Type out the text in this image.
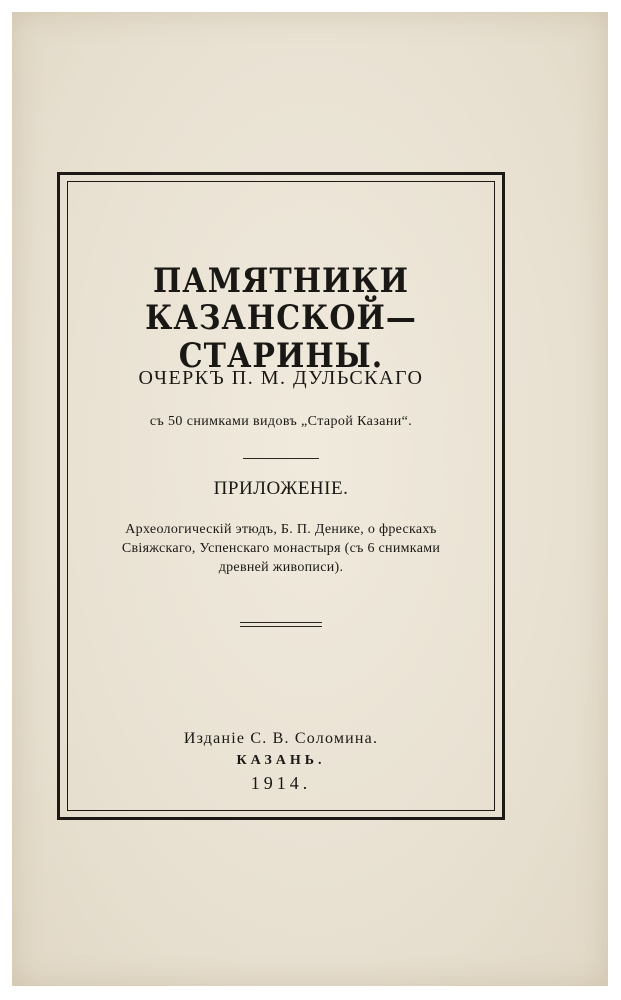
ПАМЯТНИКИ
КАЗАНСКОЙ—СТАРИНЫ.
ОЧЕРКЪ П. М. ДУЛЬСКАГО
съ 50 снимками видовъ „Старой Казани“.
ПРИЛОЖЕНІЕ.
Археологическій этюдъ, Б. П. Денике, о фрескахъ
Свіяжскаго, Успенскаго монастыря (съ 6 снимками
древней живописи).
Изданіе С. В. Соломина.
КАЗАНЬ.
1914.
